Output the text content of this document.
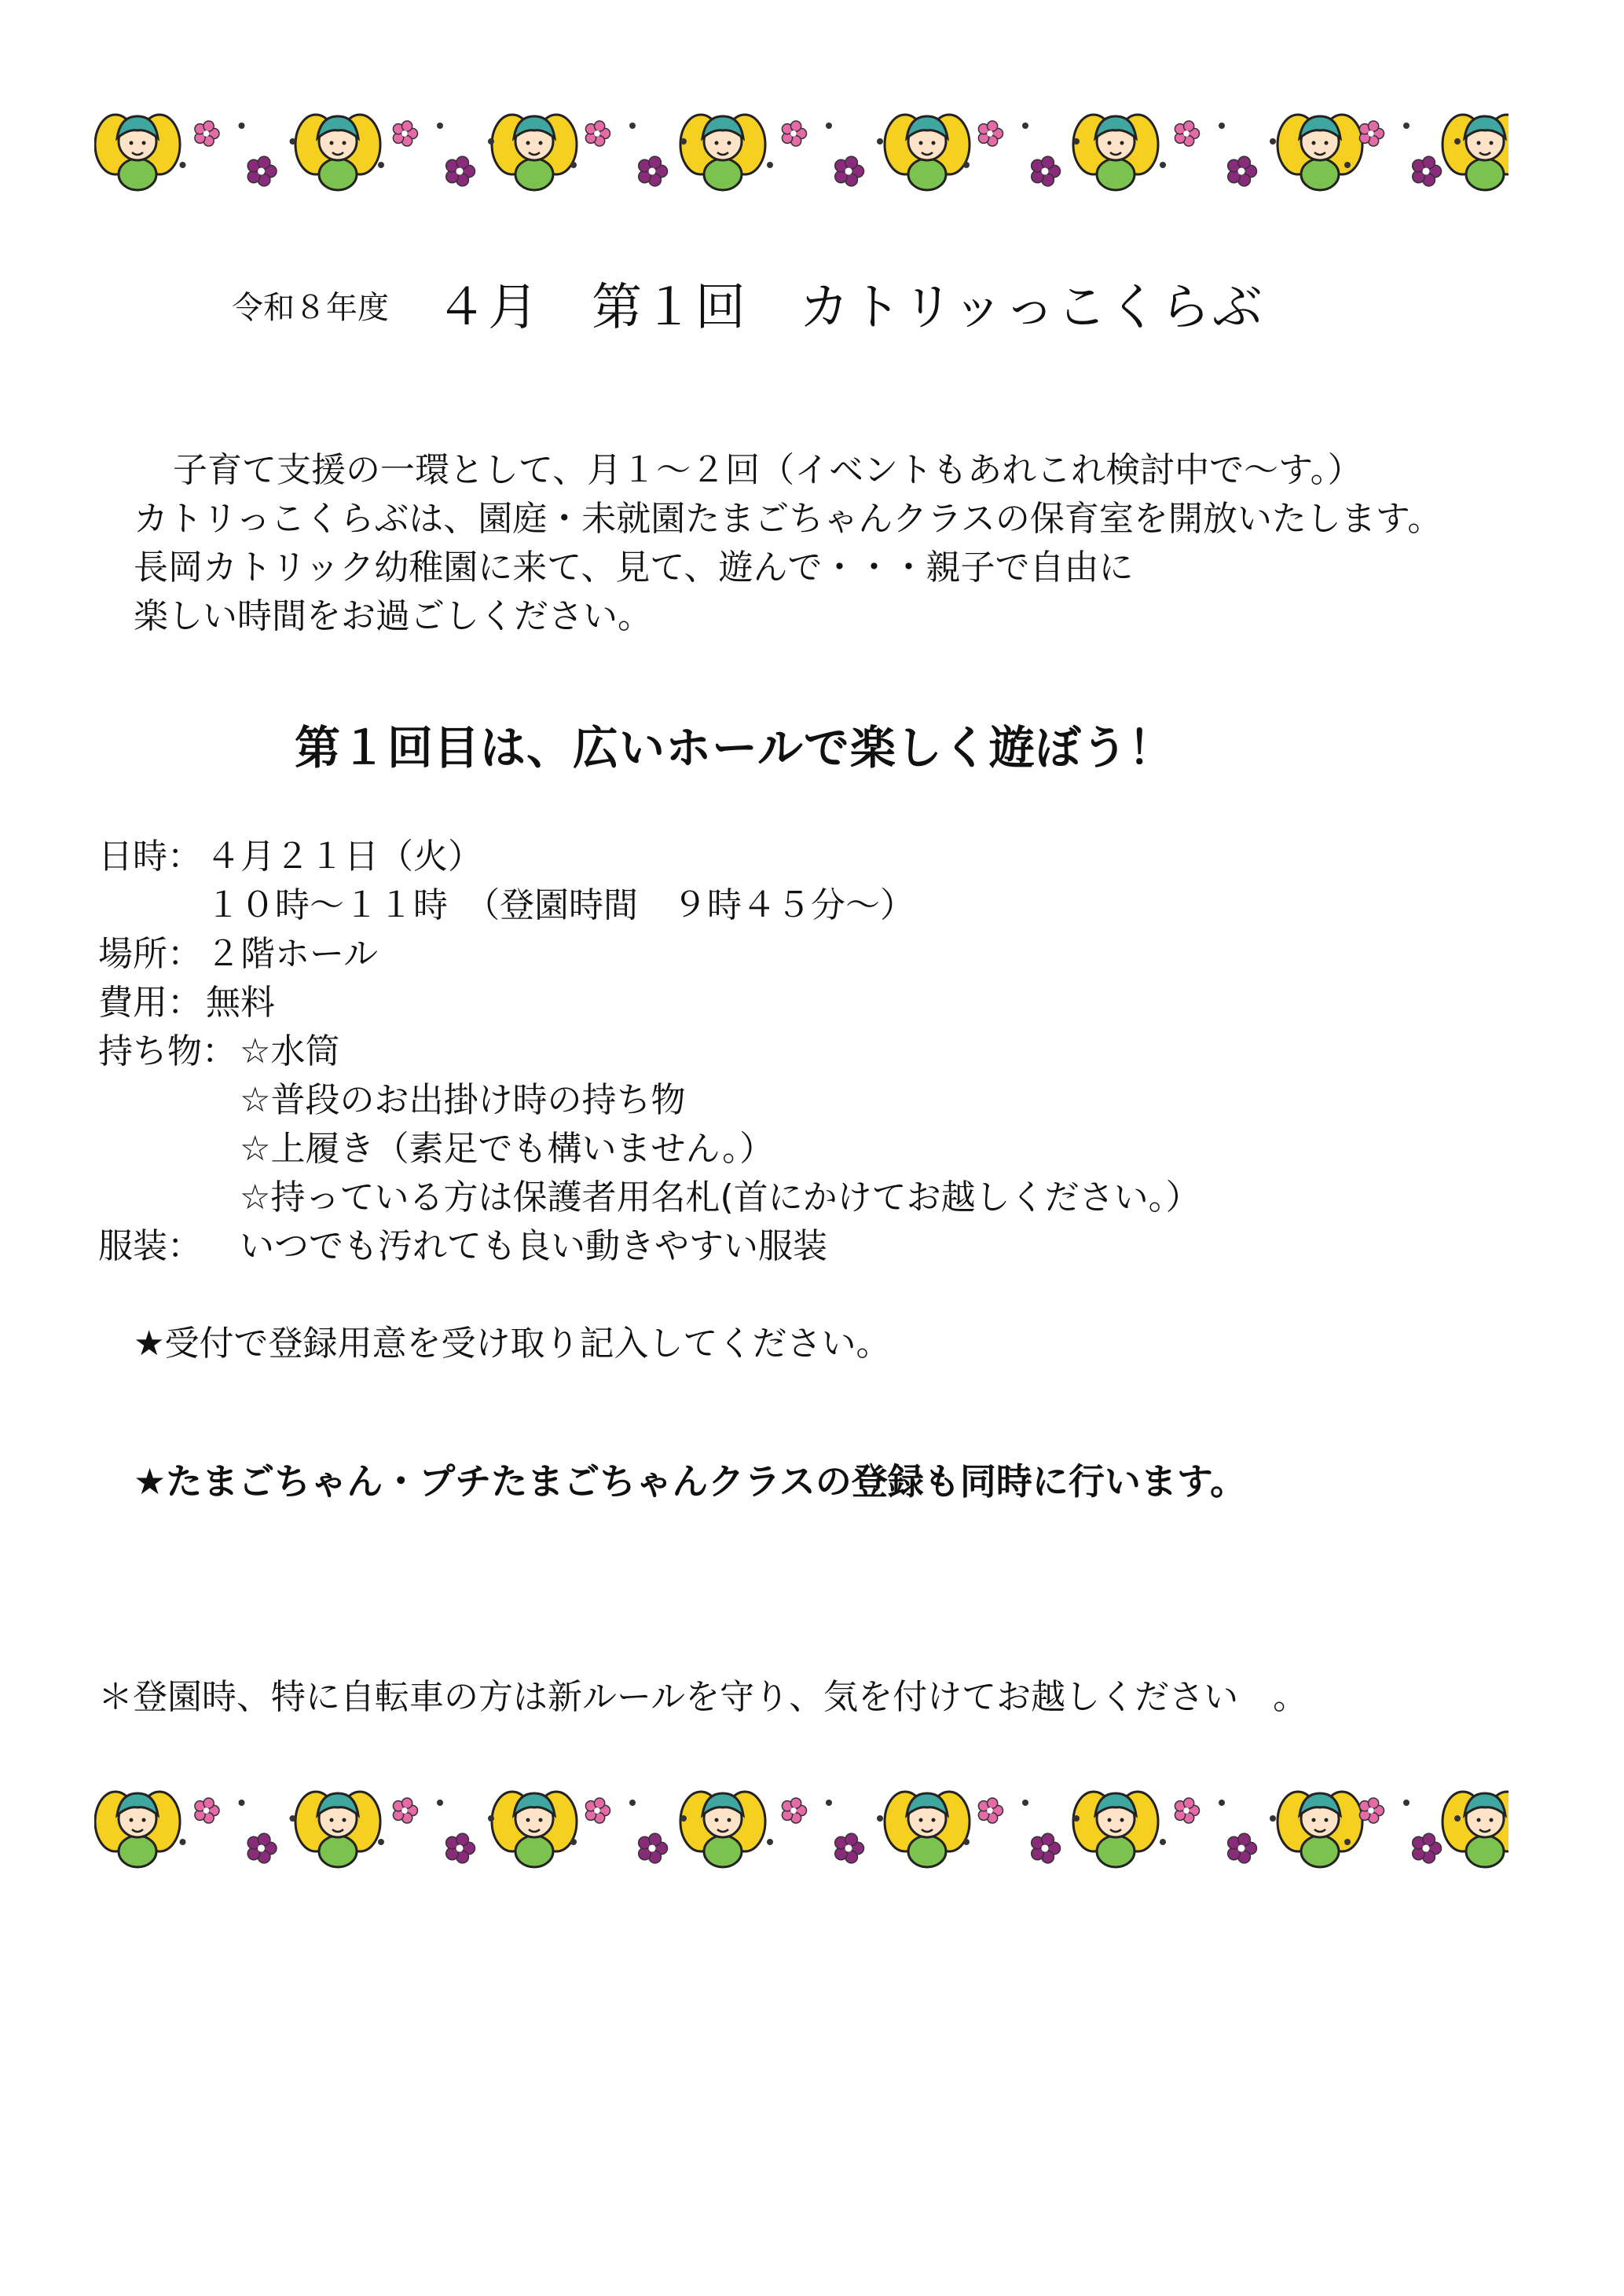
令和８年度 ４月　第１回　カトリッっこくらぶ
子育て支援の一環として、月１～２回（イベントもあれこれ検討中で～す。）
カトリっこくらぶは、園庭・未就園たまごちゃんクラスの保育室を開放いたします。
長岡カトリック幼稚園に来て、見て、遊んで・・・親子で自由に
楽しい時間をお過ごしください。
第１回目は、広いホールで楽しく遊ぼう！
日時： ４月２１日（火）
１０時～１１時　（登園時間　９時４５分～）
場所： ２階ホール
費用： 無料
持ち物： ☆水筒
☆普段のお出掛け時の持ち物
☆上履き（素足でも構いません。）
☆持っている方は保護者用名札(首にかけてお越しください。）
服装： いつでも汚れても良い動きやすい服装
★受付で登録用意を受け取り記入してください。
★たまごちゃん・プチたまごちゃんクラスの登録も同時に行います。
＊登園時、特に自転車の方は新ルールを守り、気を付けてお越しください　。
